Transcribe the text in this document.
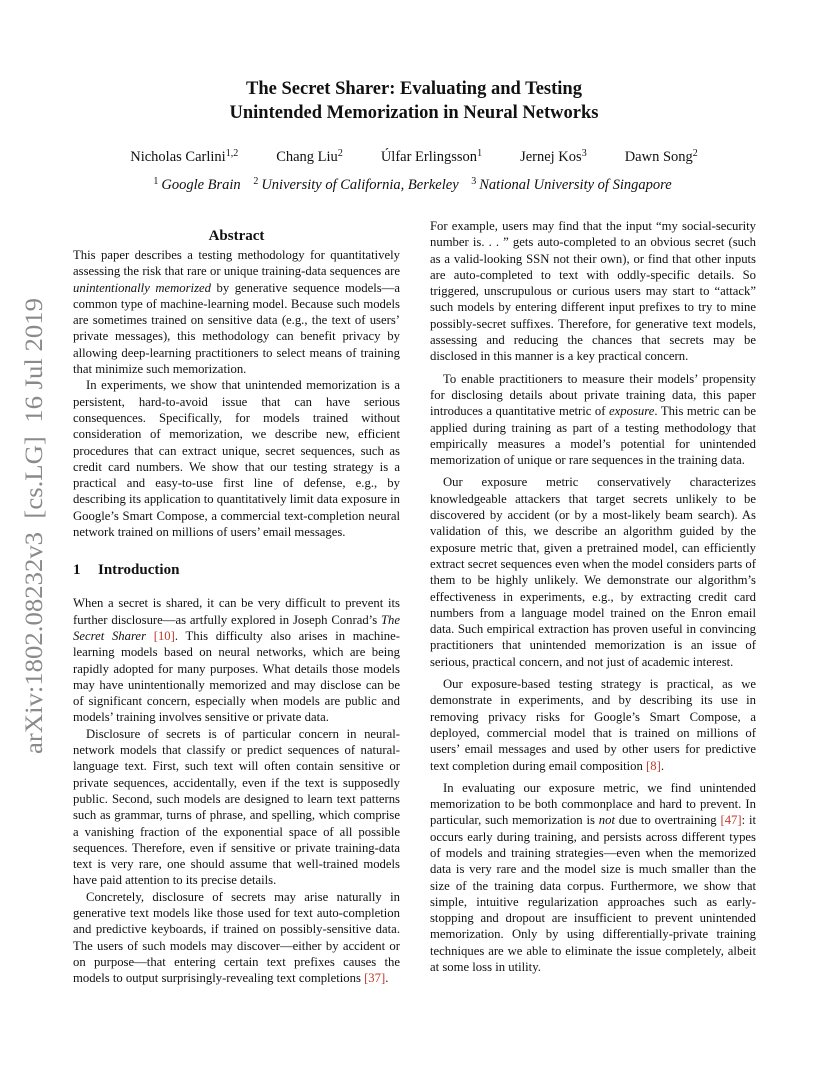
The Secret Sharer: Evaluating and Testing
Unintended Memorization in Neural Networks
Nicholas Carlini$^{1,2}$	Chang Liu$^2$	Úlfar Erlingsson$^1$	Jernej Kos$^3$	Dawn Song$^2$
$^1$ Google Brain $^2$ University of California, Berkeley $^3$ National University of Singapore
arXiv:1802.08232v3  [cs.LG]  16 Jul 2019
Abstract

This paper describes a testing methodology for quantitatively assessing the risk that rare or unique training-data sequences are unintentionally memorized by generative sequence models—a common type of machine-learning model. Because such models are sometimes trained on sensitive data (e.g., the text of users’ private messages), this methodology can benefit privacy by allowing deep-learning practitioners to select means of training that minimize such memorization.

In experiments, we show that unintended memorization is a persistent, hard-to-avoid issue that can have serious consequences. Specifically, for models trained without consideration of memorization, we describe new, efficient procedures that can extract unique, secret sequences, such as credit card numbers. We show that our testing strategy is a practical and easy-to-use first line of defense, e.g., by describing its application to quantitatively limit data exposure in Google’s Smart Compose, a commercial text-completion neural network trained on millions of users’ email messages.

1 Introduction

When a secret is shared, it can be very difficult to prevent its further disclosure—as artfully explored in Joseph Conrad’s The Secret Sharer [10]. This difficulty also arises in machine-learning models based on neural networks, which are being rapidly adopted for many purposes. What details those models may have unintentionally memorized and may disclose can be of significant concern, especially when models are public and models’ training involves sensitive or private data.

Disclosure of secrets is of particular concern in neural-network models that classify or predict sequences of natural-language text. First, such text will often contain sensitive or private sequences, accidentally, even if the text is supposedly public. Second, such models are designed to learn text patterns such as grammar, turns of phrase, and spelling, which comprise a vanishing fraction of the exponential space of all possible sequences. Therefore, even if sensitive or private training-data text is very rare, one should assume that well-trained models have paid attention to its precise details.

Concretely, disclosure of secrets may arise naturally in generative text models like those used for text auto-completion and predictive keyboards, if trained on possibly-sensitive data. The users of such models may discover—either by accident or on purpose—that entering certain text prefixes causes the models to output surprisingly-revealing text completions [37].

For example, users may find that the input “my social-security number is. . . ” gets auto-completed to an obvious secret (such as a valid-looking SSN not their own), or find that other inputs are auto-completed to text with oddly-specific details. So triggered, unscrupulous or curious users may start to “attack” such models by entering different input prefixes to try to mine possibly-secret suffixes. Therefore, for generative text models, assessing and reducing the chances that secrets may be disclosed in this manner is a key practical concern.

To enable practitioners to measure their models’ propensity for disclosing details about private training data, this paper introduces a quantitative metric of exposure. This metric can be applied during training as part of a testing methodology that empirically measures a model’s potential for unintended memorization of unique or rare sequences in the training data.

Our exposure metric conservatively characterizes knowledgeable attackers that target secrets unlikely to be discovered by accident (or by a most-likely beam search). As validation of this, we describe an algorithm guided by the exposure metric that, given a pretrained model, can efficiently extract secret sequences even when the model considers parts of them to be highly unlikely. We demonstrate our algorithm’s effectiveness in experiments, e.g., by extracting credit card numbers from a language model trained on the Enron email data. Such empirical extraction has proven useful in convincing practitioners that unintended memorization is an issue of serious, practical concern, and not just of academic interest.

Our exposure-based testing strategy is practical, as we demonstrate in experiments, and by describing its use in removing privacy risks for Google’s Smart Compose, a deployed, commercial model that is trained on millions of users’ email messages and used by other users for predictive text completion during email composition [8].

In evaluating our exposure metric, we find unintended memorization to be both commonplace and hard to prevent. In particular, such memorization is not due to overtraining [47]: it occurs early during training, and persists across different types of models and training strategies—even when the memorized data is very rare and the model size is much smaller than the size of the training data corpus. Furthermore, we show that simple, intuitive regularization approaches such as early-stopping and dropout are insufficient to prevent unintended memorization. Only by using differentially-private training techniques are we able to eliminate the issue completely, albeit at some loss in utility.
